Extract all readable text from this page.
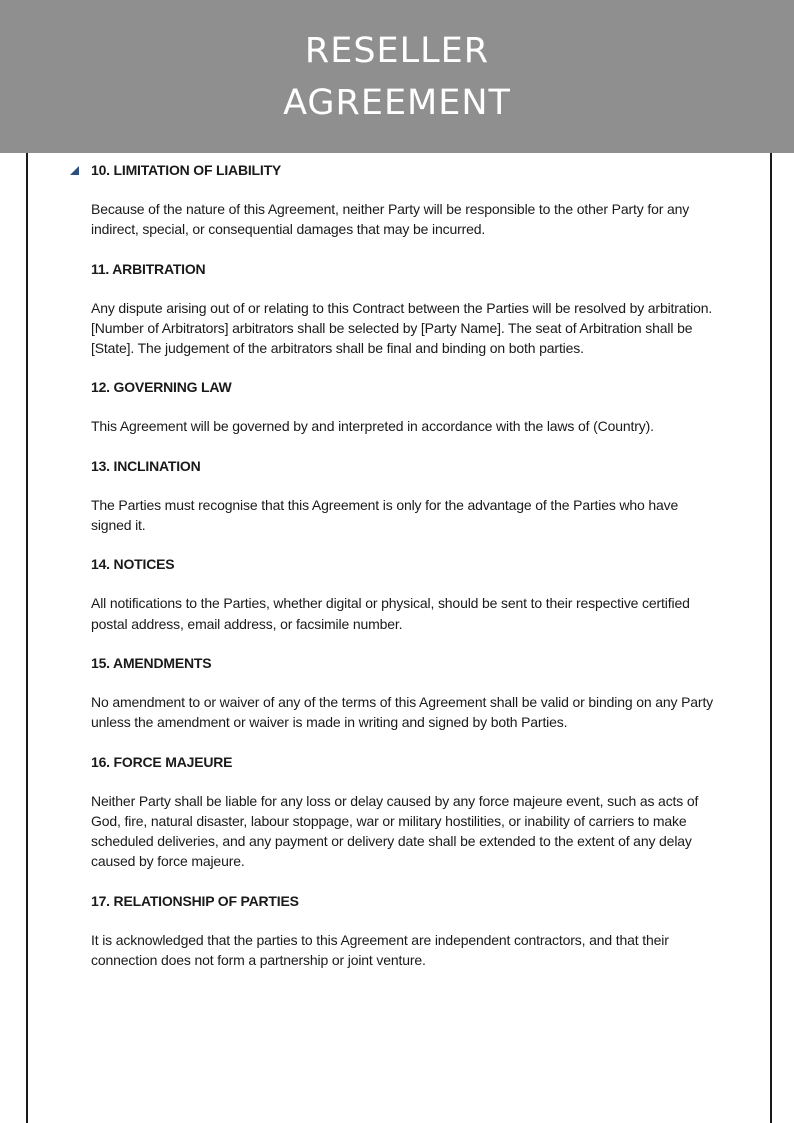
RESELLER
AGREEMENT
10. LIMITATION OF LIABILITY
Because of the nature of this Agreement, neither Party will be responsible to the other Party for any indirect, special, or consequential damages that may be incurred.
11. ARBITRATION
Any dispute arising out of or relating to this Contract between the Parties will be resolved by arbitration. [Number of Arbitrators] arbitrators shall be selected by [Party Name]. The seat of Arbitration shall be [State]. The judgement of the arbitrators shall be final and binding on both parties.
12. GOVERNING LAW
This Agreement will be governed by and interpreted in accordance with the laws of (Country).
13. INCLINATION
The Parties must recognise that this Agreement is only for the advantage of the Parties who have signed it.
14. NOTICES
All notifications to the Parties, whether digital or physical, should be sent to their respective certified postal address, email address, or facsimile number.
15. AMENDMENTS
No amendment to or waiver of any of the terms of this Agreement shall be valid or binding on any Party unless the amendment or waiver is made in writing and signed by both Parties.
16. FORCE MAJEURE
Neither Party shall be liable for any loss or delay caused by any force majeure event, such as acts of God, fire, natural disaster, labour stoppage, war or military hostilities, or inability of carriers to make scheduled deliveries, and any payment or delivery date shall be extended to the extent of any delay caused by force majeure.
17. RELATIONSHIP OF PARTIES
It is acknowledged that the parties to this Agreement are independent contractors, and that their connection does not form a partnership or joint venture.
